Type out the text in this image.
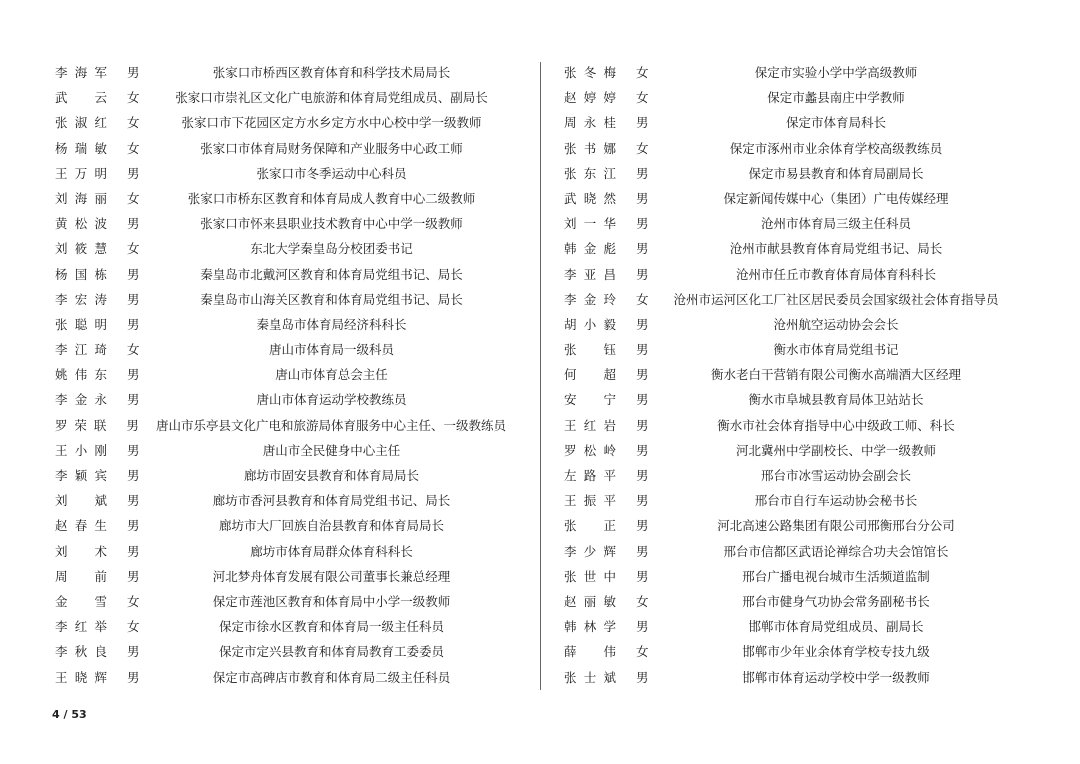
李海军	男	张家口市桥西区教育体育和科学技术局局长
武云	女	张家口市崇礼区文化广电旅游和体育局党组成员、副局长
张淑红	女	张家口市下花园区定方水乡定方水中心校中学一级教师
杨瑞敏	女	张家口市体育局财务保障和产业服务中心政工师
王万明	男	张家口市冬季运动中心科员
刘海丽	女	张家口市桥东区教育和体育局成人教育中心二级教师
黄松波	男	张家口市怀来县职业技术教育中心中学一级教师
刘筱慧	女	东北大学秦皇岛分校团委书记
杨国栋	男	秦皇岛市北戴河区教育和体育局党组书记、局长
李宏涛	男	秦皇岛市山海关区教育和体育局党组书记、局长
张聪明	男	秦皇岛市体育局经济科科长
李江琦	女	唐山市体育局一级科员
姚伟东	男	唐山市体育总会主任
李金永	男	唐山市体育运动学校教练员
罗荣联	男	唐山市乐亭县文化广电和旅游局体育服务中心主任、一级教练员
王小刚	男	唐山市全民健身中心主任
李颖宾	男	廊坊市固安县教育和体育局局长
刘斌	男	廊坊市香河县教育和体育局党组书记、局长
赵春生	男	廊坊市大厂回族自治县教育和体育局局长
刘术	男	廊坊市体育局群众体育科科长
周前	男	河北梦舟体育发展有限公司董事长兼总经理
金雪	女	保定市莲池区教育和体育局中小学一级教师
李红举	女	保定市徐水区教育和体育局一级主任科员
李秋良	男	保定市定兴县教育和体育局教育工委委员
王晓辉	男	保定市高碑店市教育和体育局二级主任科员
张冬梅	女	保定市实验小学中学高级教师
赵婷婷	女	保定市蠡县南庄中学教师
周永桂	男	保定市体育局科长
张书娜	女	保定市涿州市业余体育学校高级教练员
张东江	男	保定市易县教育和体育局副局长
武晓然	男	保定新闻传媒中心（集团）广电传媒经理
刘一华	男	沧州市体育局三级主任科员
韩金彪	男	沧州市献县教育体育局党组书记、局长
李亚昌	男	沧州市任丘市教育体育局体育科科长
李金玲	女	沧州市运河区化工厂社区居民委员会国家级社会体育指导员
胡小毅	男	沧州航空运动协会会长
张钰	男	衡水市体育局党组书记
何超	男	衡水老白干营销有限公司衡水高端酒大区经理
安宁	男	衡水市阜城县教育局体卫站站长
王红岩	男	衡水市社会体育指导中心中级政工师、科长
罗松岭	男	河北冀州中学副校长、中学一级教师
左路平	男	邢台市冰雪运动协会副会长
王振平	男	邢台市自行车运动协会秘书长
张正	男	河北高速公路集团有限公司邢衡邢台分公司
李少辉	男	邢台市信都区武语论禅综合功夫会馆馆长
张世中	男	邢台广播电视台城市生活频道监制
赵丽敏	女	邢台市健身气功协会常务副秘书长
韩林学	男	邯郸市体育局党组成员、副局长
薛伟	女	邯郸市少年业余体育学校专技九级
张士斌	男	邯郸市体育运动学校中学一级教师
4 / 53
